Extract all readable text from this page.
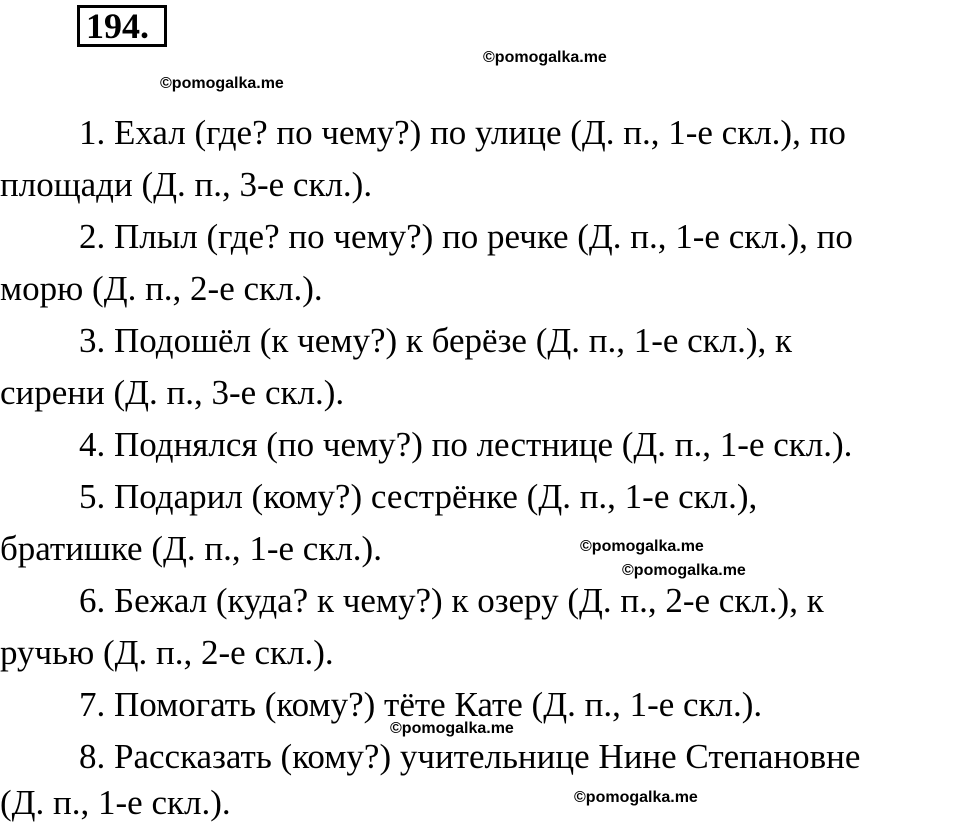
194.
©pomogalka.me
©pomogalka.me
1. Ехал (где? по чему?) по улице (Д. п., 1-е скл.), по
площади (Д. п., 3-е скл.).
2. Плыл (где? по чему?) по речке (Д. п., 1-е скл.), по
морю (Д. п., 2-е скл.).
3. Подошёл (к чему?) к берёзе (Д. п., 1-е скл.), к
сирени (Д. п., 3-е скл.).
4. Поднялся (по чему?) по лестнице (Д. п., 1-е скл.).
5. Подарил (кому?) сестрёнке (Д. п., 1-е скл.),
братишке (Д. п., 1-е скл.).	©pomogalka.me
©pomogalka.me
6. Бежал (куда? к чему?) к озеру (Д. п., 2-е скл.), к
ручью (Д. п., 2-е скл.).
7. Помогать (кому?) тёте Кате (Д. п., 1-е скл.).
©pomogalka.me
8. Рассказать (кому?) учительнице Нине Степановне
(Д. п., 1-е скл.).	©pomogalka.me
